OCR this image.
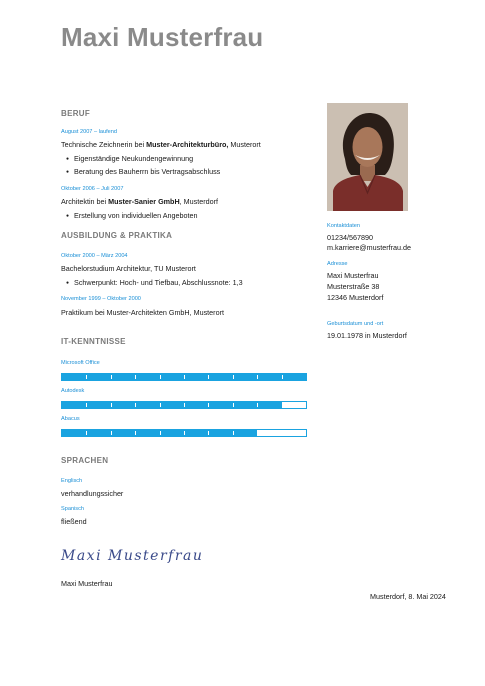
Maxi Musterfrau
BERUF
August 2007 – laufend
Technische Zeichnerin bei Muster-Architekturbüro, Musterort
● Eigenständige Neukundengewinnung
● Beratung des Bauherrn bis Vertragsabschluss
Oktober 2006 – Juli 2007
Architektin bei Muster-Sanier GmbH, Musterdorf
● Erstellung von individuellen Angeboten
AUSBILDUNG & PRAKTIKA
Oktober 2000 – März 2004
Bachelorstudium Architektur, TU Musterort
● Schwerpunkt: Hoch- und Tiefbau, Abschlussnote: 1,3
November 1999 – Oktober 2000
Praktikum bei Muster-Architekten GmbH, Musterort
IT-KENNTNISSE
Microsoft Office
Autodesk
Abacus
SPRACHEN
Englisch
verhandlungssicher
Spanisch
fließend
Kontaktdaten
01234/567890
m.karriere@musterfrau.de
Adresse
Maxi Musterfrau
Musterstraße 38
12346 Musterdorf
Geburtsdatum und -ort
19.01.1978 in Musterdorf
Maxi Musterfrau
Maxi Musterfrau
Musterdorf, 8. Mai 2024
